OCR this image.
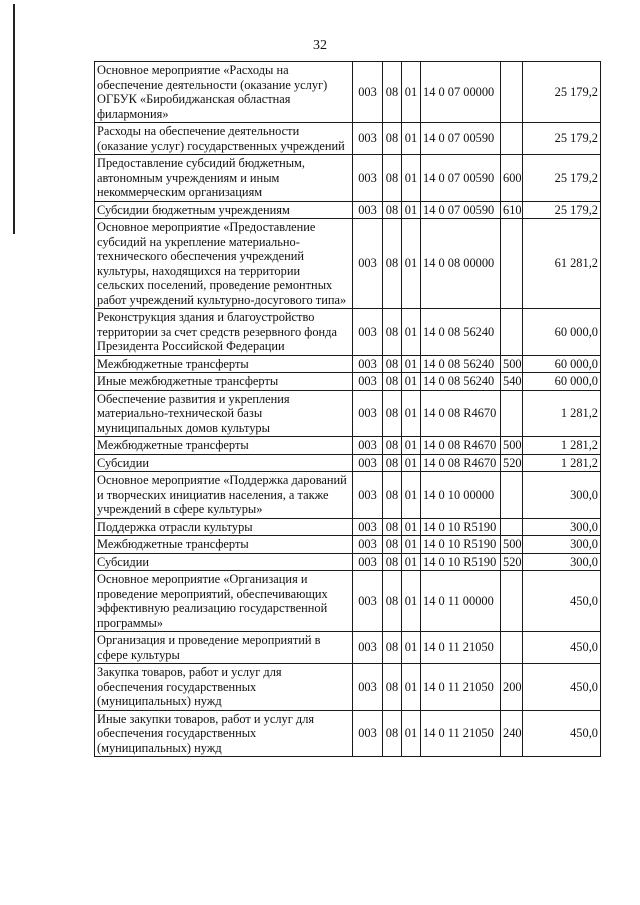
32
Основное мероприятие «Расходы на обеспечение деятельности (оказание услуг) ОГБУК «Биробиджанская областная филармония»	003	08	01	14 0 07 00000		25 179,2
Расходы на обеспечение деятельности (оказание услуг) государственных учреждений	003	08	01	14 0 07 00590		25 179,2
Предоставление субсидий бюджетным, автономным учреждениям и иным некоммерческим организациям	003	08	01	14 0 07 00590	600	25 179,2
Субсидии бюджетным учреждениям	003	08	01	14 0 07 00590	610	25 179,2
Основное мероприятие «Предоставление субсидий на укрепление материально-технического обеспечения учреждений культуры, находящихся на территории сельских поселений, проведение ремонтных работ учреждений культурно-досугового типа»	003	08	01	14 0 08 00000		61 281,2
Реконструкция здания и благоустройство территории за счет средств резервного фонда Президента Российской Федерации	003	08	01	14 0 08 56240		60 000,0
Межбюджетные трансферты	003	08	01	14 0 08 56240	500	60 000,0
Иные межбюджетные трансферты	003	08	01	14 0 08 56240	540	60 000,0
Обеспечение развития и укрепления материально-технической базы муниципальных домов культуры	003	08	01	14 0 08 R4670		1 281,2
Межбюджетные трансферты	003	08	01	14 0 08 R4670	500	1 281,2
Субсидии	003	08	01	14 0 08 R4670	520	1 281,2
Основное мероприятие «Поддержка дарований и творческих инициатив населения, а также учреждений в сфере культуры»	003	08	01	14 0 10 00000		300,0
Поддержка отрасли культуры	003	08	01	14 0 10 R5190		300,0
Межбюджетные трансферты	003	08	01	14 0 10 R5190	500	300,0
Субсидии	003	08	01	14 0 10 R5190	520	300,0
Основное мероприятие «Организация и проведение мероприятий, обеспечивающих эффективную реализацию государственной программы»	003	08	01	14 0 11 00000		450,0
Организация и проведение мероприятий в сфере культуры	003	08	01	14 0 11 21050		450,0
Закупка товаров, работ и услуг для обеспечения государственных (муниципальных) нужд	003	08	01	14 0 11 21050	200	450,0
Иные закупки товаров, работ и услуг для обеспечения государственных (муниципальных) нужд	003	08	01	14 0 11 21050	240	450,0
